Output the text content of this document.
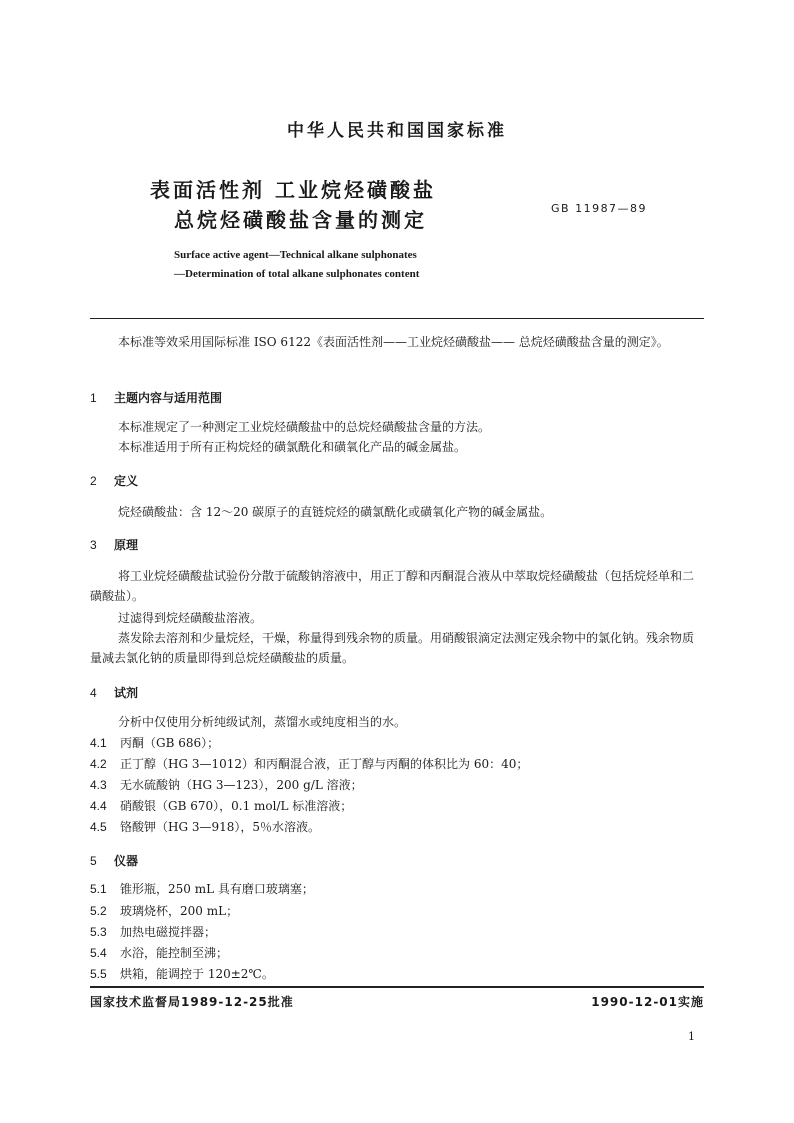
中华人民共和国国家标准
表面活性剂 工业烷烃磺酸盐
总烷烃磺酸盐含量的测定	GB 11987—89
Surface active agent—Technical alkane sulphonates
—Determination of total alkane sulphonates content
本标准等效采用国际标准 ISO 6122《表面活性剂——工业烷烃磺酸盐—— 总烷烃磺酸盐含量的测定》。
1 主题内容与适用范围
本标准规定了一种测定工业烷烃磺酸盐中的总烷烃磺酸盐含量的方法。
本标准适用于所有正构烷烃的磺氯酰化和磺氧化产品的碱金属盐。
2 定义
烷烃磺酸盐：含 12～20 碳原子的直链烷烃的磺氯酰化或磺氧化产物的碱金属盐。
3 原理
将工业烷烃磺酸盐试验份分散于硫酸钠溶液中，用正丁醇和丙酮混合液从中萃取烷烃磺酸盐（包括烷烃单和二磺酸盐）。
过滤得到烷烃磺酸盐溶液。
蒸发除去溶剂和少量烷烃，干燥，称量得到残余物的质量。用硝酸银滴定法测定残余物中的氯化钠。残余物质量减去氯化钠的质量即得到总烷烃磺酸盐的质量。
4 试剂
分析中仅使用分析纯级试剂，蒸馏水或纯度相当的水。
4.1 丙酮（GB 686）；
4.2 正丁醇（HG 3—1012）和丙酮混合液，正丁醇与丙酮的体积比为 60：40；
4.3 无水硫酸钠（HG 3—123），200 g/L 溶液；
4.4 硝酸银（GB 670），0.1 mol/L 标准溶液；
4.5 铬酸钾（HG 3—918），5％水溶液。
5 仪器
5.1 锥形瓶，250 mL 具有磨口玻璃塞；
5.2 玻璃烧杯，200 mL；
5.3 加热电磁搅拌器；
5.4 水浴，能控制至沸；
5.5 烘箱，能调控于 120±2℃。
国家技术监督局1989-12-25批准	1990-12-01实施
1
